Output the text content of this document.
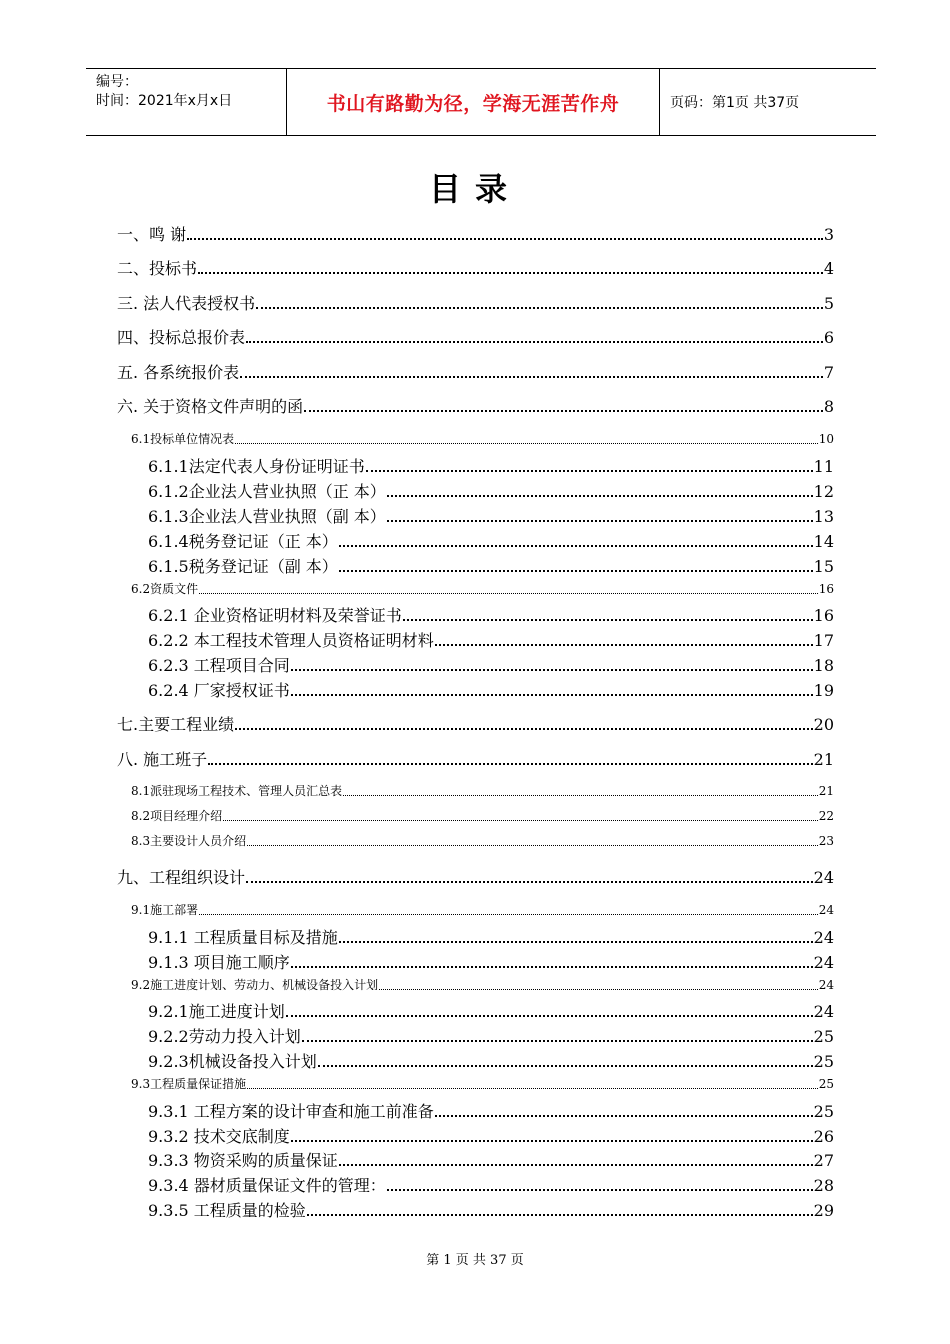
编号：
时间：2021年x月x日	书山有路勤为径，学海无涯苦作舟	页码：第1页 共37页
目录
一、鸣 谢	3
二、投标书	4
三. 法人代表授权书	5
四、投标总报价表	6
五. 各系统报价表	7
六. 关于资格文件声明的函	8
6.1投标单位情况表	10
6.1.1法定代表人身份证明证书	11
6.1.2企业法人营业执照（正 本）	12
6.1.3企业法人营业执照（副 本）	13
6.1.4税务登记证（正 本）	14
6.1.5税务登记证（副 本）	15
6.2资质文件	16
6.2.1 企业资格证明材料及荣誉证书	16
6.2.2 本工程技术管理人员资格证明材料	17
6.2.3 工程项目合同	18
6.2.4 厂家授权证书	19
七.主要工程业绩	20
八. 施工班子	21
8.1派驻现场工程技术、管理人员汇总表	21
8.2项目经理介绍	22
8.3主要设计人员介绍	23
九、工程组织设计	24
9.1施工部署	24
9.1.1 工程质量目标及措施	24
9.1.3 项目施工顺序	24
9.2施工进度计划、劳动力、机械设备投入计划	24
9.2.1施工进度计划	24
9.2.2劳动力投入计划	25
9.2.3机械设备投入计划	25
9.3工程质量保证措施	25
9.3.1 工程方案的设计审查和施工前准备	25
9.3.2 技术交底制度	26
9.3.3 物资采购的质量保证	27
9.3.4 器材质量保证文件的管理：	28
9.3.5 工程质量的检验	29
第 1 页 共 37 页
